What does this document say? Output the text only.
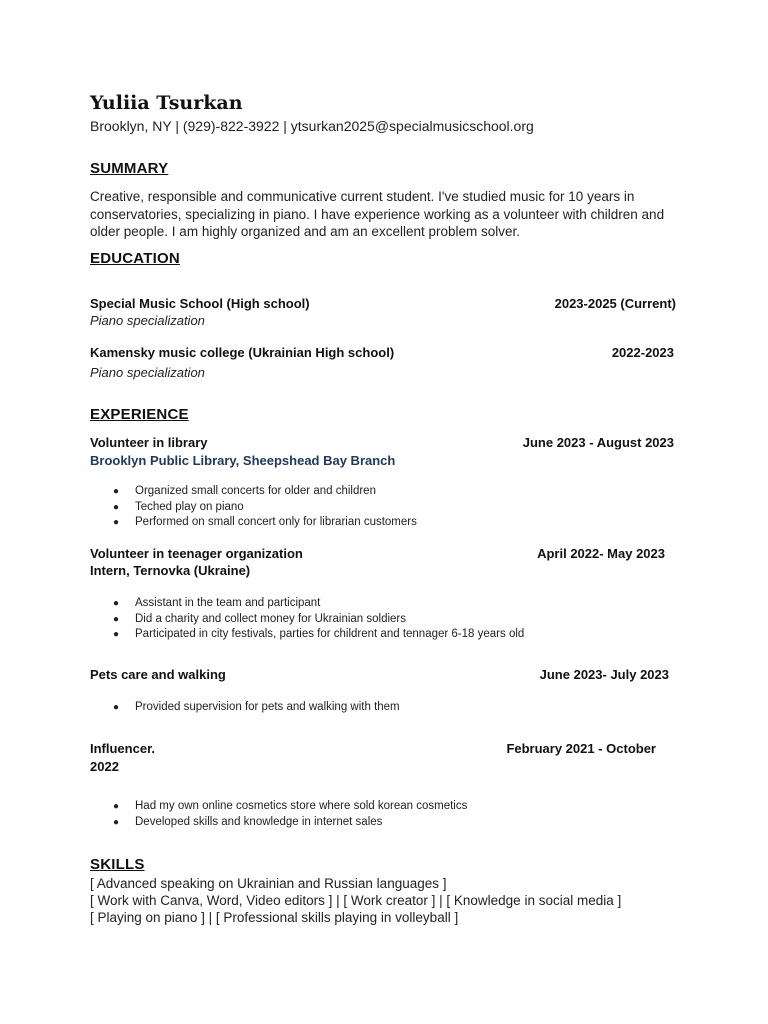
Yuliia Tsurkan
Brooklyn, NY | (929)-822-3922 | ytsurkan2025@specialmusicschool.org
SUMMARY
Creative, responsible and communicative current student. I've studied music for 10 years in conservatories, specializing in piano. I have experience working as a volunteer with children and older people. I am highly organized and am an excellent problem solver.
EDUCATION
Special Music School (High school)	2023-2025 (Current)
Piano specialization
Kamensky music college (Ukrainian High school)	2022-2023
Piano specialization
EXPERIENCE
Volunteer in library	June 2023 - August 2023
Brooklyn Public Library, Sheepshead Bay Branch
● Organized small concerts for older and children
● Teched play on piano
● Performed on small concert only for librarian customers
Volunteer in teenager organization	April 2022- May 2023
Intern, Ternovka (Ukraine)
● Assistant in the team and participant
● Did a charity and collect money for Ukrainian soldiers
● Participated in city festivals, parties for childrent and tennager 6-18 years old
Pets care and walking	June 2023- July 2023
● Provided supervision for pets and walking with them
Influencer.	February 2021 - October
2022
● Had my own online cosmetics store where sold korean cosmetics
● Developed skills and knowledge in internet sales
SKILLS
[ Advanced speaking on Ukrainian and Russian languages ]
[ Work with Canva, Word, Video editors ] | [ Work creator ] | [ Knowledge in social media ]
[ Playing on piano ] | [ Professional skills playing in volleyball ]
